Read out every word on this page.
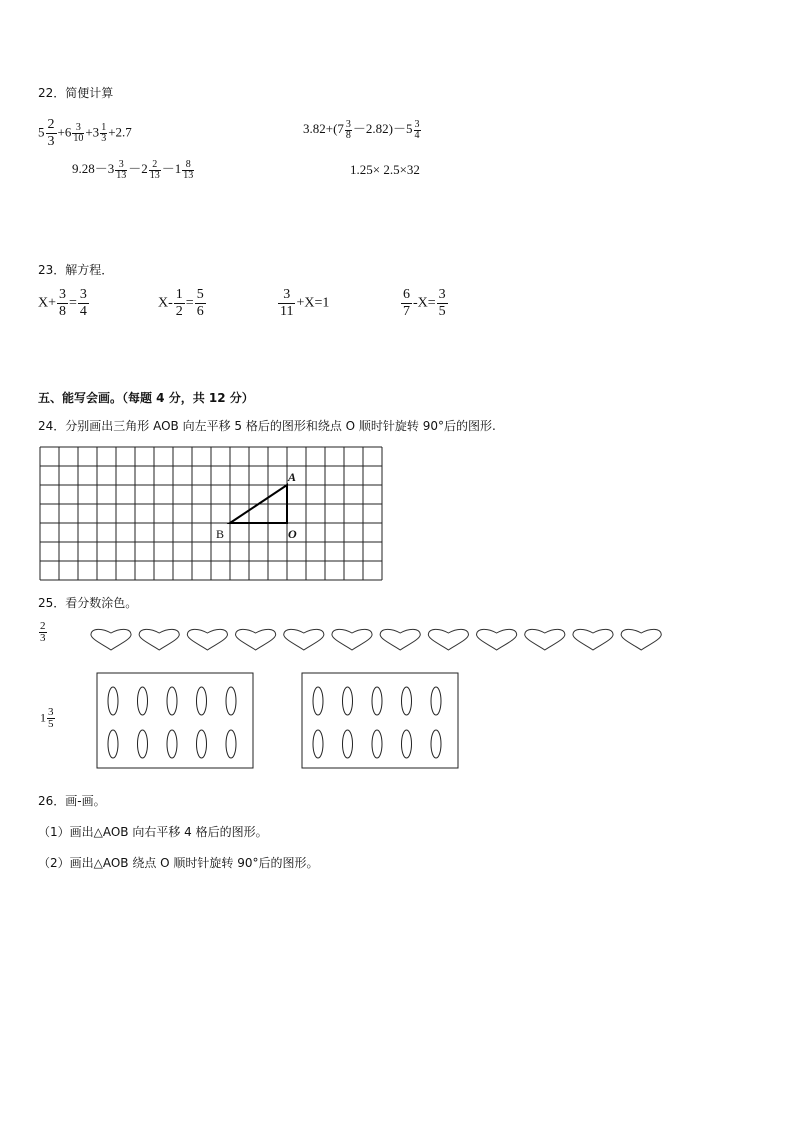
22．简便计算
$5 \frac{2}{3} +6 \frac{3}{10} +3 \frac{1}{3} +2.7$	$3.82+(7 \frac{3}{8} -2.82)-5 \frac{3}{4}$
$9.28-3 \frac{3}{13} -2 \frac{2}{13} -1 \frac{8}{13}$	1.25× 2.5×32
23．解方程．
$X+ \frac{3}{8} = \frac{3}{4}$	$X- \frac{1}{2} = \frac{5}{6}$	$\frac{3}{11} +X=1$	$\frac{6}{7} -X= \frac{3}{5}$
五、能写会画。（每题 4 分，共 12 分）
24．分别画出三角形 AOB 向左平移 5 格后的图形和绕点 O 顺时针旋转 90°后的图形.
A
B	O
25．看分数涂色。
$\frac{2}{3}$
$1 \frac{3}{5}$
26．画-画。
（1）画出△AOB 向右平移 4 格后的图形。
（2）画出△AOB 绕点 O 顺时针旋转 90°后的图形。
